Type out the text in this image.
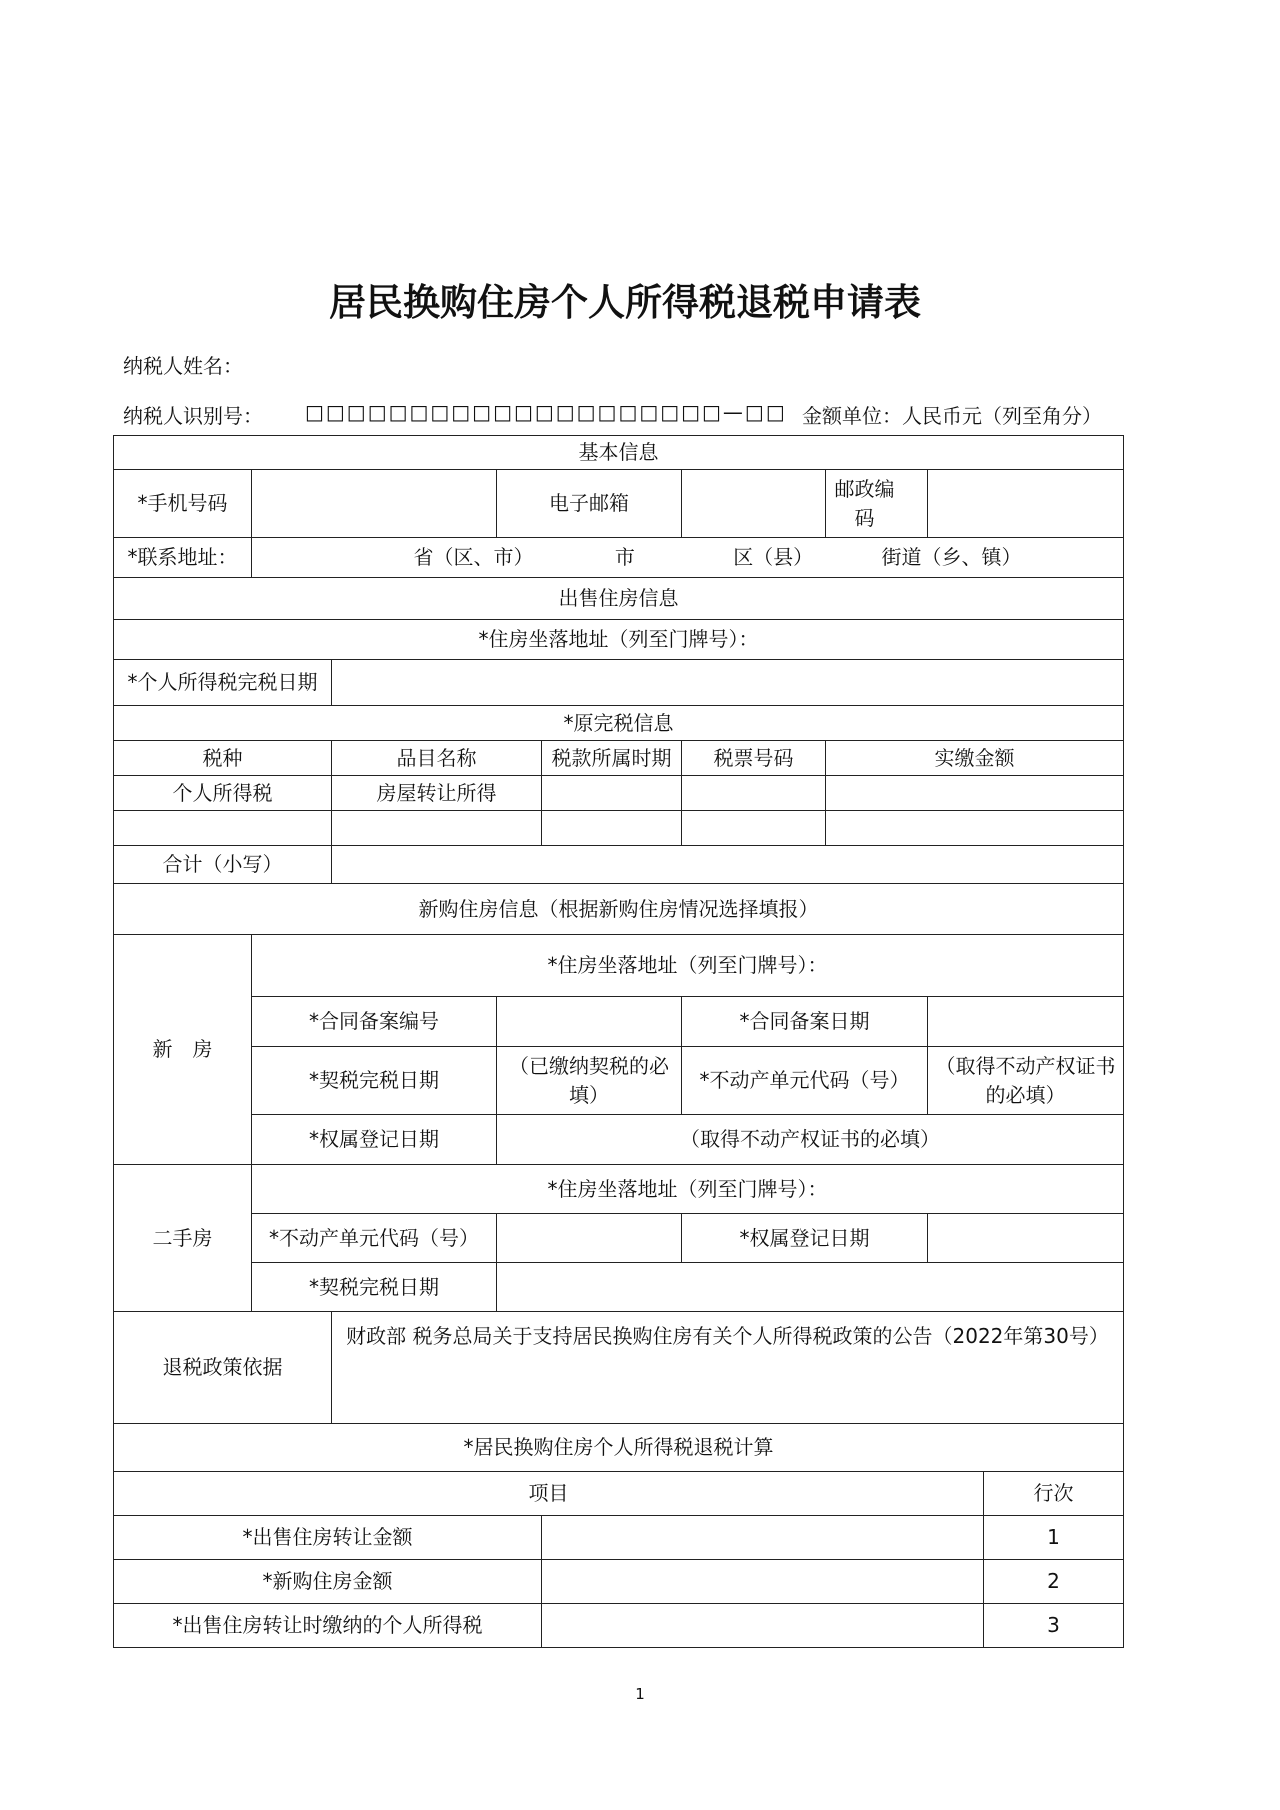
居民换购住房个人所得税退税申请表
纳税人姓名：
纳税人识别号： □□□□□□□□□□□□□□□□□□□□—□□ 金额单位：人民币元（列至角分）
基本信息								
*手机号码			电子邮箱			邮政编码		
*联系地址：	省（区、市） 市 区（县） 街道（乡、镇）							
出售住房信息								
*住房坐落地址（列至门牌号）：								
*个人所得税完税日期								
*原完税信息								
税种		品目名称		税款所属时期	税票号码	实缴金额		
个人所得税		房屋转让所得						

合计（小写）								
新购住房信息（根据新购住房情况选择填报）								
新　房	*住房坐落地址（列至门牌号）：							
	*合同备案编号				*合同备案日期			
	*契税完税日期		（已缴纳契税的必填）		*不动产单元代码（号）		（取得不动产权证书的必填）	
	*权属登记日期		（取得不动产权证书的必填）					
二手房	*住房坐落地址（列至门牌号）：							
	*不动产单元代码（号）				*权属登记日期			
	*契税完税日期							
退税政策依据		财政部 税务总局关于支持居民换购住房有关个人所得税政策的公告（2022年第30号）						
*居民换购住房个人所得税退税计算								
项目								行次
*出售住房转让金额								1
*新购住房金额								2
*出售住房转让时缴纳的个人所得税								3
1
